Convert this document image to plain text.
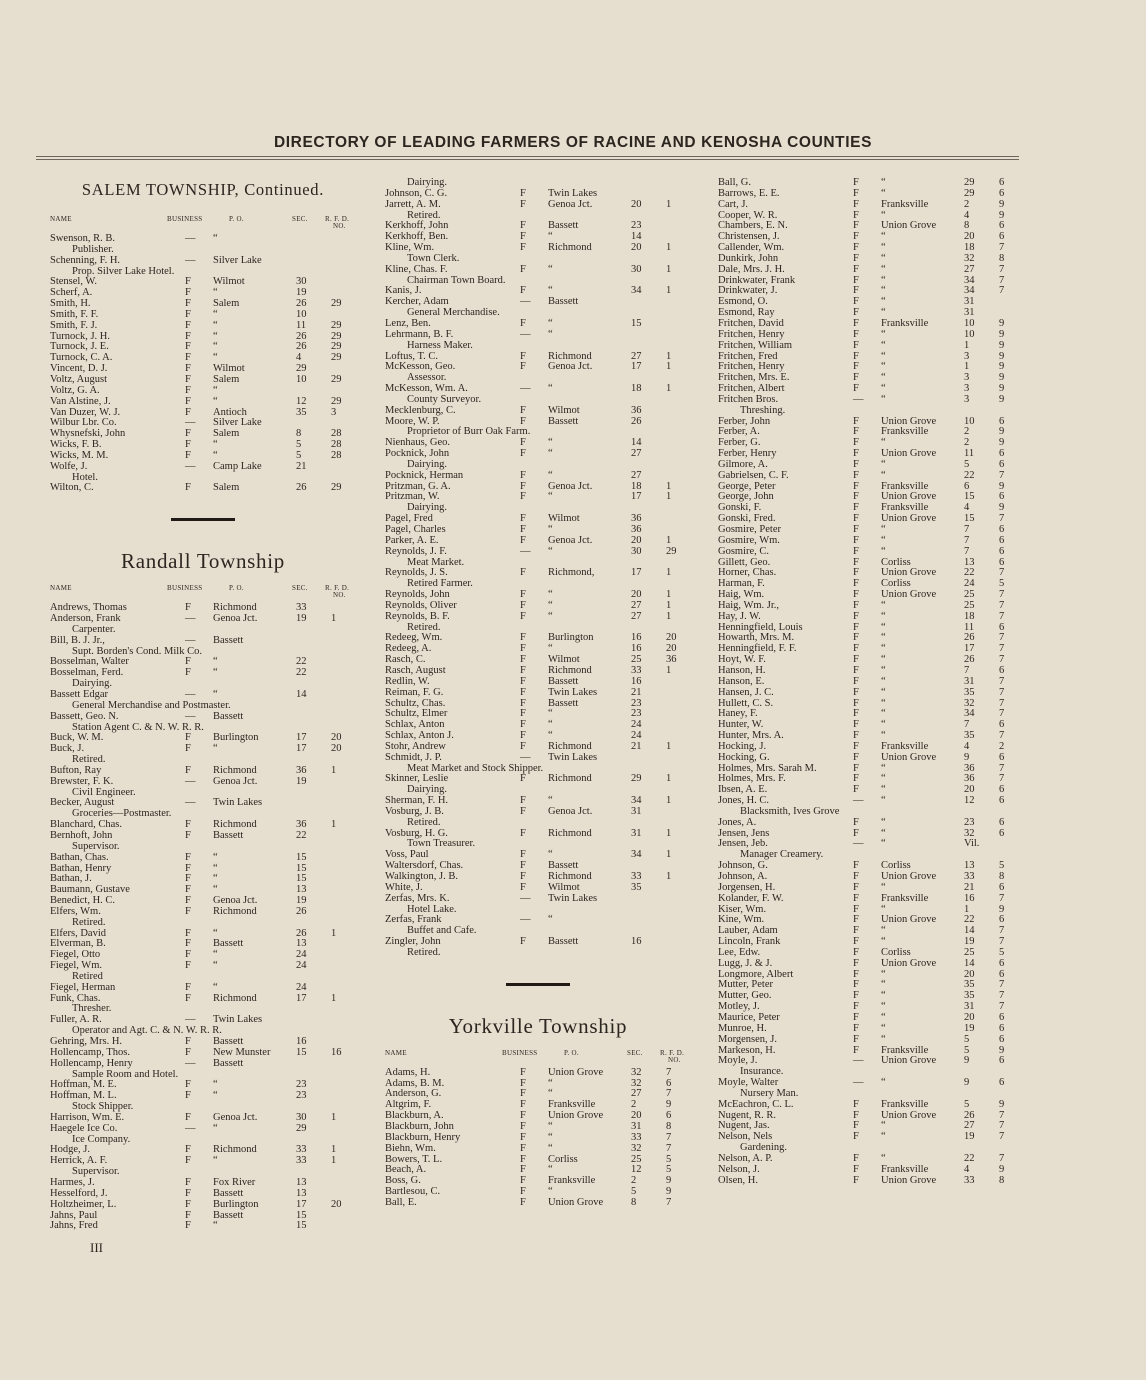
DIRECTORY OF LEADING FARMERS OF RACINE AND KENOSHA COUNTIES
SALEM TOWNSHIP, Continued.
NAME	BUSINESS	P. O.	SEC. R. F. D.
NO.
Swenson, R. B.	— “
Publisher.
Schenning, F. H.	— Silver Lake
Prop. Silver Lake Hotel.
Stensel, W.	F Wilmot	30
Scherf, A.	F “	19
Smith, H.	F Salem	26 29
Smith, F. F.	F “	10
Smith, F. J.	F “	11 29
Turnock, J. H.	F “	26 29
Turnock, J. E.	F “	26 29
Turnock, C. A.	F “	4	29
Vincent, D. J.	F Wilmot	29
Voltz, August	F Salem	10 29
Voltz, G. A.	F “
Van Alstine, J.	F “	12 29
Van Duzer, W. J.	F Antioch	35 3
Wilbur Lbr. Co.	— Silver Lake
Whysnefski, John	F Salem	8	28
Wicks, F. B.	F “	5	28
Wicks, M. M.	F “	5	28
Wolfe, J.	— Camp Lake	21
Hotel.
Wilton, C.	F Salem	26 29
Randall Township
NAME	BUSINESS	P. O.	SEC. R. F. D.
NO.
Andrews, Thomas	F Richmond	33
Anderson, Frank	— Genoa Jct.	19 1
Carpenter.
Bill, B. J. Jr.,	— Bassett
Supt. Borden's Cond. Milk Co.
Bosselman, Walter	F “	22
Bosselman, Ferd.	F “	22
Dairying.
Bassett Edgar	— “	14
General Merchandise and Postmaster.
Bassett, Geo. N.	— Bassett
Station Agent C. & N. W. R. R.
Buck, W. M.	F Burlington	17 20
Buck, J.	F “	17 20
Retired.
Bufton, Ray	F Richmond	36 1
Brewster, F. K.	— Genoa Jct.	19
Civil Engineer.
Becker, August	— Twin Lakes
Groceries—Postmaster.
Blanchard, Chas.	F Richmond	36 1
Bernhoft, John	F Bassett	22
Supervisor.
Bathan, Chas.	F “	15
Bathan, Henry	F “	15
Bathan, J.	F “	15
Baumann, Gustave	F “	13
Benedict, H. C.	F Genoa Jct.	19
Elfers, Wm.	F Richmond	26
Retired.
Elfers, David	F “	26 1
Elverman, B.	F Bassett	13
Fiegel, Otto	F “	24
Fiegel, Wm.	F “	24
Retired
Fiegel, Herman	F “	24
Funk, Chas.	F Richmond	17 1
Thresher.
Fuller, A. R.	— Twin Lakes
Operator and Agt. C. & N. W. R. R.
Gehring, Mrs. H.	F Bassett	16
Hollencamp, Thos.	F New Munster 15 16
Hollencamp, Henry	— Bassett
Sample Room and Hotel.
Hoffman, M. E.	F “	23
Hoffman, M. L.	F “	23
Stock Shipper.
Harrison, Wm. E.	F Genoa Jct.	30 1
Haegele Ice Co.	— “	29
Ice Company.
Hodge, J.	F Richmond	33 1
Herrick, A. F.	F “	33 1
Supervisor.
Harmes, J.	F Fox River	13
Hesselford, J.	F Bassett	13
Holtzheimer, L.	F Burlington	17 20
Jahns, Paul	F Bassett	15
Jahns, Fred	F “	15
Dairying.
Johnson, C. G.	F Twin Lakes
Jarrett, A. M.	F Genoa Jct.	20 1
Retired.
Kerkhoff, John	F Bassett	23
Kerkhoff, Ben.	F “	14
Kline, Wm.	F Richmond	20 1
Town Clerk.
Kline, Chas. F.	F “	30 1
Chairman Town Board.
Kanis, J.	F “	34 1
Kercher, Adam	— Bassett
General Merchandise.
Lenz, Ben.	F “	15
Lehrmann, B. F.	— “
Harness Maker.
Loftus, T. C.	F Richmond	27 1
McKesson, Geo.	F Genoa Jct.	17 1
Assessor.
McKesson, Wm. A.	— “	18 1
County Surveyor.
Mecklenburg, C.	F Wilmot	36
Moore, W. P.	F Bassett	26
Proprietor of Burr Oak Farm.
Nienhaus, Geo.	F “	14
Pocknick, John	F “	27
Dairying.
Pocknick, Herman	F “	27
Pritzman, G. A.	F Genoa Jct.	18 1
Pritzman, W.	F “	17 1
Dairying.
Pagel, Fred	F Wilmot	36
Pagel, Charles	F “	36
Parker, A. E.	F Genoa Jct.	20 1
Reynolds, J. F.	— “	30 29
Meat Market.
Reynolds, J. S.	F Richmond,	17 1
Retired Farmer.
Reynolds, John	F “	20 1
Reynolds, Oliver	F “	27 1
Reynolds, B. F.	F “	27 1
Retired.
Redeeg, Wm.	F Burlington	16 20
Redeeg, A.	F “	16 20
Rasch, C.	F Wilmot	25 36
Rasch, August	F Richmond	33 1
Redlin, W.	F Bassett	16
Reiman, F. G.	F Twin Lakes	21
Schultz, Chas.	F Bassett	23
Schultz, Elmer	F “	23
Schlax, Anton	F “	24
Schlax, Anton J.	F “	24
Stohr, Andrew	F Richmond	21 1
Schmidt, J. P.	— Twin Lakes
Meat Market and Stock Shipper.
Skinner, Leslie	F Richmond	29 1
Dairying.
Sherman, F. H.	F “	34 1
Vosburg, J. B.	F Genoa Jct.	31
Retired.
Vosburg, H. G.	F Richmond	31 1
Town Treasurer.
Voss, Paul	F “	34 1
Waltersdorf, Chas.	F Bassett
Walkington, J. B.	F Richmond	33 1
White, J.	F Wilmot	35
Zerfas, Mrs. K.	— Twin Lakes
Hotel Lake.
Zerfas, Frank	— “
Buffet and Cafe.
Zingler, John	F Bassett	16
Retired.
Yorkville Township
NAME	BUSINESS	P. O.	SEC. R. F. D.
NO.
Adams, H.	F Union Grove	32 7
Adams, B. M.	F “	32 6
Anderson, G.	F “	27 7
Altgrim, F.	F Franksville	2	9
Blackburn, A.	F Union Grove	20 6
Blackburn, John	F “	31 8
Blackburn, Henry	F “	33 7
Biehn, Wm.	F “	32 7
Bowers, T. L.	F Corliss	25 5
Beach, A.	F “	12 5
Boss, G.	F Franksville	2	9
Bartlesou, C.	F “	5	9
Ball, E.	F Union Grove	8	7
Ball, G.	F “	29 6
Barrows, E. E.	F “	29 6
Cart, J.	F Franksville	2	9
Cooper, W. R.	F “	4	9
Chambers, E. N.	F Union Grove	8	6
Christensen, J.	F “	20 6
Callender, Wm.	F “	18 7
Dunkirk, John	F “	32 8
Dale, Mrs. J. H.	F “	27 7
Drinkwater, Frank	F “	34 7
Drinkwater, J.	F “	34 7
Esmond, O.	F “	31
Esmond, Ray	F “	31
Fritchen, David	F Franksville	10 9
Fritchen, Henry	F “	10 9
Fritchen, William	F “	1	9
Fritchen, Fred	F “	3	9
Fritchen, Henry	F “	1	9
Fritchen, Mrs. E.	F “	3	9
Fritchen, Albert	F “	3	9
Fritchen Bros.	— “	3	9
Threshing.
Ferber, John	F Union Grove	10 6
Ferber, A.	F Franksville	2	9
Ferber, G.	F “	2	9
Ferber, Henry	F Union Grove	11 6
Gilmore, A.	F “	5	6
Gabrielsen, C. F.	F “	22 7
George, Peter	F Franksville	6	9
George, John	F Union Grove	15 6
Gonski, F.	F Franksville	4	9
Gonski, Fred.	F Union Grove	15 7
Gosmire, Peter	F “	7	6
Gosmire, Wm.	F “	7	6
Gosmire, C.	F “	7	6
Gillett, Geo.	F Corliss	13 6
Horner, Chas.	F Union Grove	22 7
Harman, F.	F Corliss	24 5
Haig, Wm.	F Union Grove	25 7
Haig, Wm. Jr.,	F “	25 7
Hay, J. W.	F “	18 7
Henningfield, Louis	F “	11 6
Howarth, Mrs. M.	F “	26 7
Henningfield, F. F.	F “	17 7
Hoyt, W. F.	F “	26 7
Hanson, H.	F “	7	6
Hanson, E.	F “	31 7
Hansen, J. C.	F “	35 7
Hullett, C. S.	F “	32 7
Haney, F.	F “	34 7
Hunter, W.	F “	7	6
Hunter, Mrs. A.	F “	35 7
Hocking, J.	F Franksville	4	2
Hocking, G.	F Union Grove	9	6
Holmes, Mrs. Sarah M.	F “	36 7
Holmes, Mrs. F.	F “	36 7
Ibsen, A. E.	F “	20 6
Jones, H. C.	— “	12 6
Blacksmith, Ives Grove
Jones, A.	F “	23 6
Jensen, Jens	F “	32 6
Jensen, Jeb.	— “	Vil.
Manager Creamery.
Johnson, G.	F Corliss	13 5
Johnson, A.	F Union Grove	33 8
Jorgensen, H.	F “	21 6
Kolander, F. W.	F Franksville	16 7
Kiser, Wm.	F “	1	9
Kine, Wm.	F Union Grove	22 6
Lauber, Adam	F “	14 7
Lincoln, Frank	F “	19 7
Lee, Edw.	F Corliss	25 5
Lugg, J. & J.	F Union Grove	14 6
Longmore, Albert	F “	20 6
Mutter, Peter	F “	35 7
Mutter, Geo.	F “	35 7
Motley, J.	F “	31 7
Maurice, Peter	F “	20 6
Munroe, H.	F “	19 6
Morgensen, J.	F “	5	6
Markeson, H.	F Franksville	5	9
Moyle, J.	— Union Grove	9	6
Insurance.
Moyle, Walter	— “	9	6
Nursery Man.
McEachron, C. L.	F Franksville	5	9
Nugent, R. R.	F Union Grove	26 7
Nugent, Jas.	F “	27 7
Nelson, Nels	F “	19 7
Gardening.
Nelson, A. P.	F “	22 7
Nelson, J.	F Franksville	4	9
Olsen, H.	F Union Grove	33 8
III
